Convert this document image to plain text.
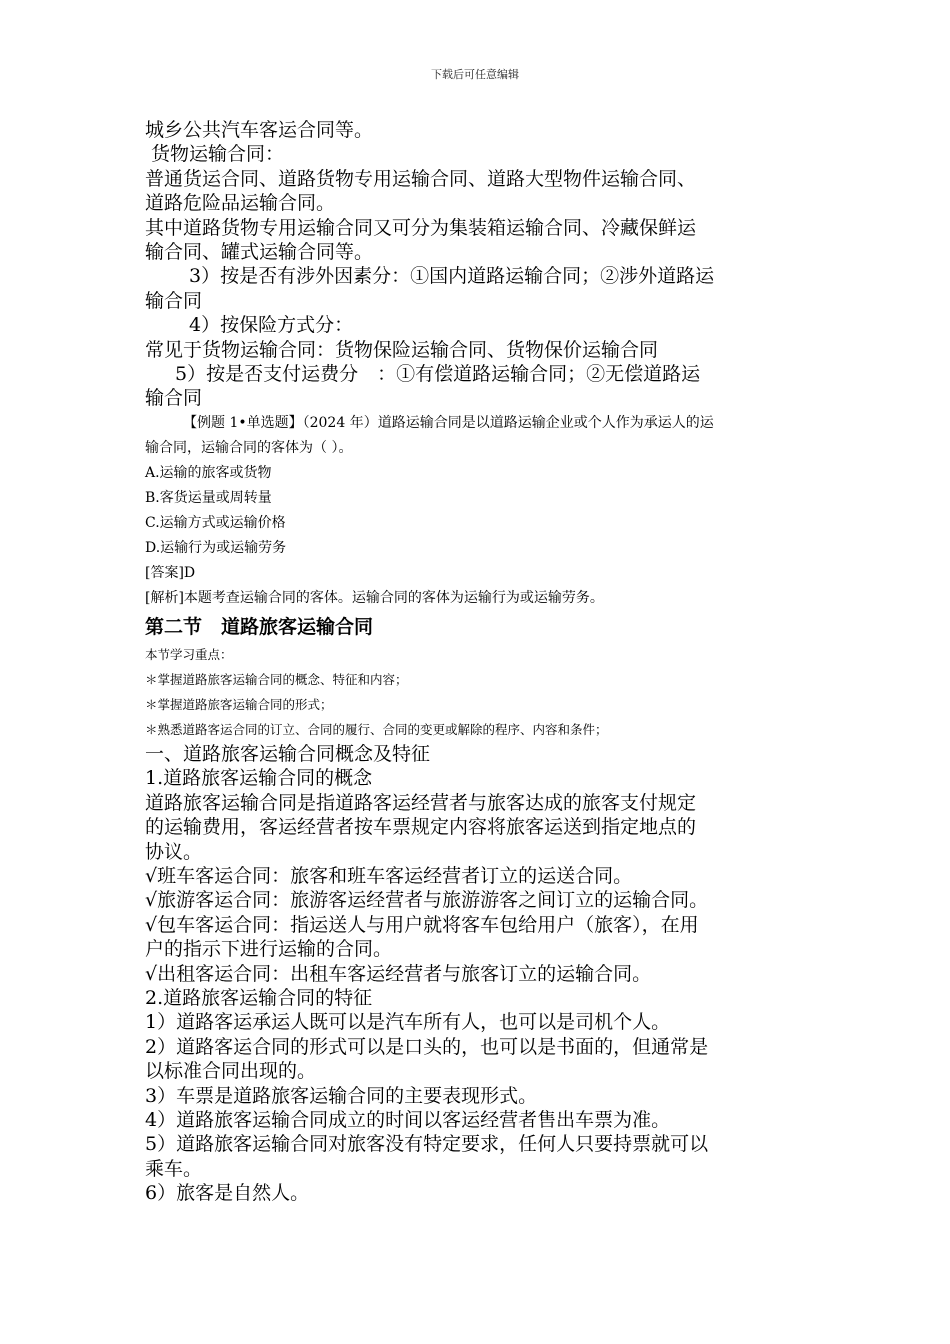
下载后可任意编辑

城乡公共汽车客运合同等。

货物运输合同：

普通货运合同、道路货物专用运输合同、道路大型物件运输合同、

道路危险品运输合同。

其中道路货物专用运输合同又可分为集装箱运输合同、冷藏保鲜运

输合同、罐式运输合同等。

3）按是否有涉外因素分：①国内道路运输合同；②涉外道路运

输合同

4）按保险方式分：

常见于货物运输合同：货物保险运输合同、货物保价运输合同

5）按是否支付运费分　：①有偿道路运输合同；②无偿道路运

输合同

【例题 1•单选题】（2024 年）道路运输合同是以道路运输企业或个人作为承运人的运
输合同，运输合同的客体为（ ）。

A.运输的旅客或货物

B.客货运量或周转量

C.运输方式或运输价格

D.运输行为或运输劳务

[答案]D

[解析]本题考查运输合同的客体。运输合同的客体为运输行为或运输劳务。

第二节　道路旅客运输合同

本节学习重点：

＊掌握道路旅客运输合同的概念、特征和内容；

＊掌握道路旅客运输合同的形式；

＊熟悉道路客运合同的订立、合同的履行、合同的变更或解除的程序、内容和条件；

一、道路旅客运输合同概念及特征

1.道路旅客运输合同的概念

道路旅客运输合同是指道路客运经营者与旅客达成的旅客支付规定

的运输费用，客运经营者按车票规定内容将旅客运送到指定地点的

协议。

√班车客运合同：旅客和班车客运经营者订立的运送合同。

√旅游客运合同：旅游客运经营者与旅游游客之间订立的运输合同。

√包车客运合同：指运送人与用户就将客车包给用户（旅客），在用

户的指示下进行运输的合同。

√出租客运合同：出租车客运经营者与旅客订立的运输合同。

2.道路旅客运输合同的特征

1）道路客运承运人既可以是汽车所有人，也可以是司机个人。

2）道路客运合同的形式可以是口头的，也可以是书面的，但通常是

以标准合同出现的。

3）车票是道路旅客运输合同的主要表现形式。

4）道路旅客运输合同成立的时间以客运经营者售出车票为准。

5）道路旅客运输合同对旅客没有特定要求，任何人只要持票就可以

乘车。

6）旅客是自然人。
